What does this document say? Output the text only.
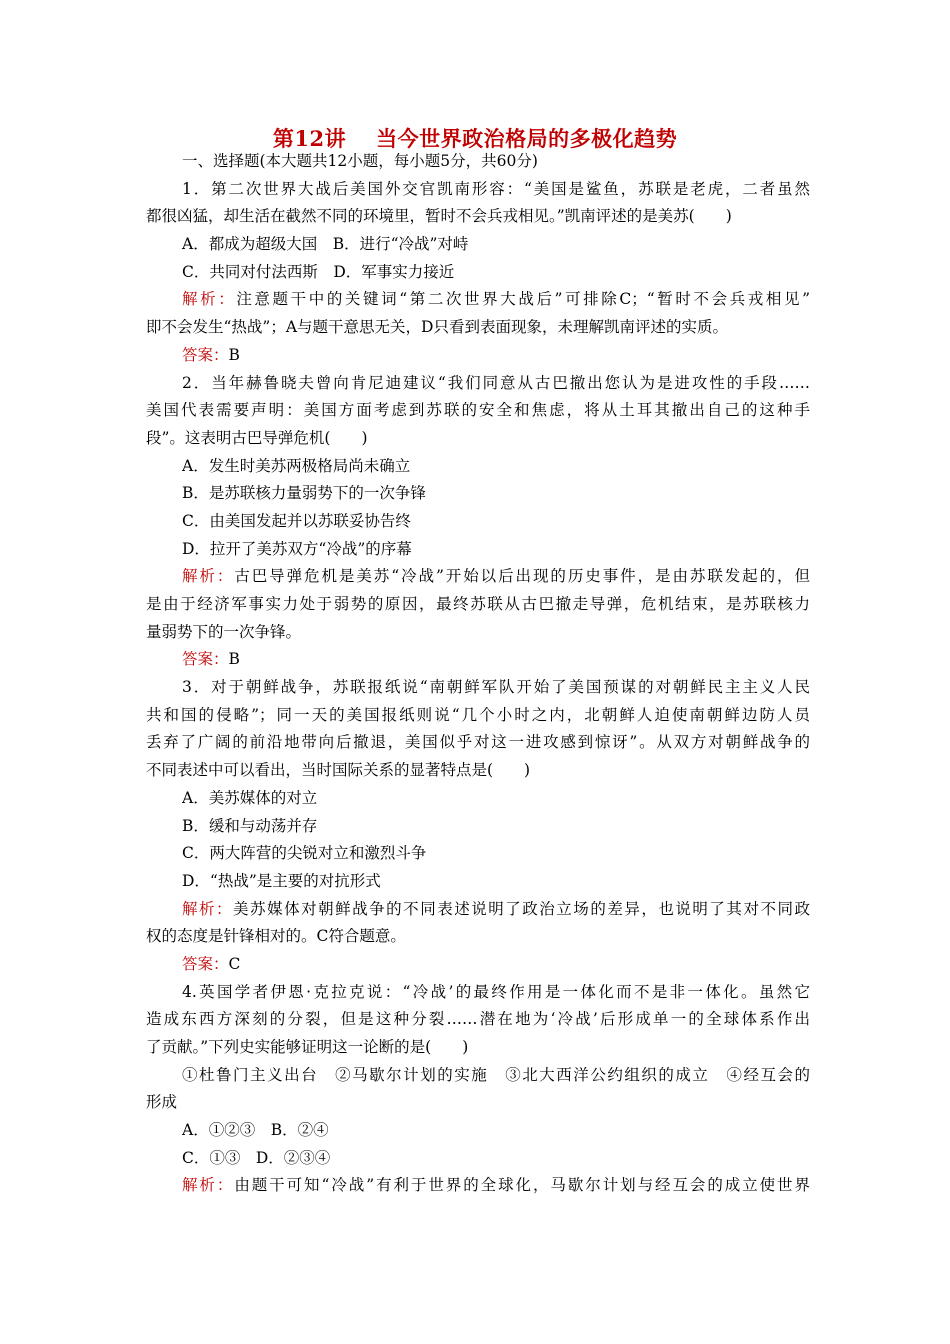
第12讲 当今世界政治格局的多极化趋势
一、选择题(本大题共12小题，每小题5分，共60分)
1．第二次世界大战后美国外交官凯南形容：“美国是鲨鱼，苏联是老虎，二者虽然
都很凶猛，却生活在截然不同的环境里，暂时不会兵戎相见。”凯南评述的是美苏(　　)
A．都成为超级大国　B．进行“冷战”对峙
C．共同对付法西斯　D．军事实力接近
解析：注意题干中的关键词“第二次世界大战后”可排除C；“暂时不会兵戎相见”
即不会发生“热战”；A与题干意思无关，D只看到表面现象，未理解凯南评述的实质。
答案：B
2．当年赫鲁晓夫曾向肯尼迪建议“我们同意从古巴撤出您认为是进攻性的手段……
美国代表需要声明：美国方面考虑到苏联的安全和焦虑，将从土耳其撤出自己的这种手
段”。这表明古巴导弹危机(　　)
A．发生时美苏两极格局尚未确立
B．是苏联核力量弱势下的一次争锋
C．由美国发起并以苏联妥协告终
D．拉开了美苏双方“冷战”的序幕
解析：古巴导弹危机是美苏“冷战”开始以后出现的历史事件，是由苏联发起的，但
是由于经济军事实力处于弱势的原因，最终苏联从古巴撤走导弹，危机结束，是苏联核力
量弱势下的一次争锋。
答案：B
3．对于朝鲜战争，苏联报纸说“南朝鲜军队开始了美国预谋的对朝鲜民主主义人民
共和国的侵略”；同一天的美国报纸则说“几个小时之内，北朝鲜人迫使南朝鲜边防人员
丢弃了广阔的前沿地带向后撤退，美国似乎对这一进攻感到惊讶”。从双方对朝鲜战争的
不同表述中可以看出，当时国际关系的显著特点是(　　)
A．美苏媒体的对立
B．缓和与动荡并存
C．两大阵营的尖锐对立和激烈斗争
D．“热战”是主要的对抗形式
解析：美苏媒体对朝鲜战争的不同表述说明了政治立场的差异，也说明了其对不同政
权的态度是针锋相对的。C符合题意。
答案：C
4.英国学者伊恩·克拉克说：“冷战’的最终作用是一体化而不是非一体化。虽然它
造成东西方深刻的分裂，但是这种分裂……潜在地为‘冷战’后形成单一的全球体系作出
了贡献。”下列史实能够证明这一论断的是(　　)
①杜鲁门主义出台　②马歇尔计划的实施　③北大西洋公约组织的成立　④经互会的
形成
A．①②③　B．②④
C．①③　D．②③④
解析：由题干可知“冷战”有利于世界的全球化，马歇尔计划与经互会的成立使世界
